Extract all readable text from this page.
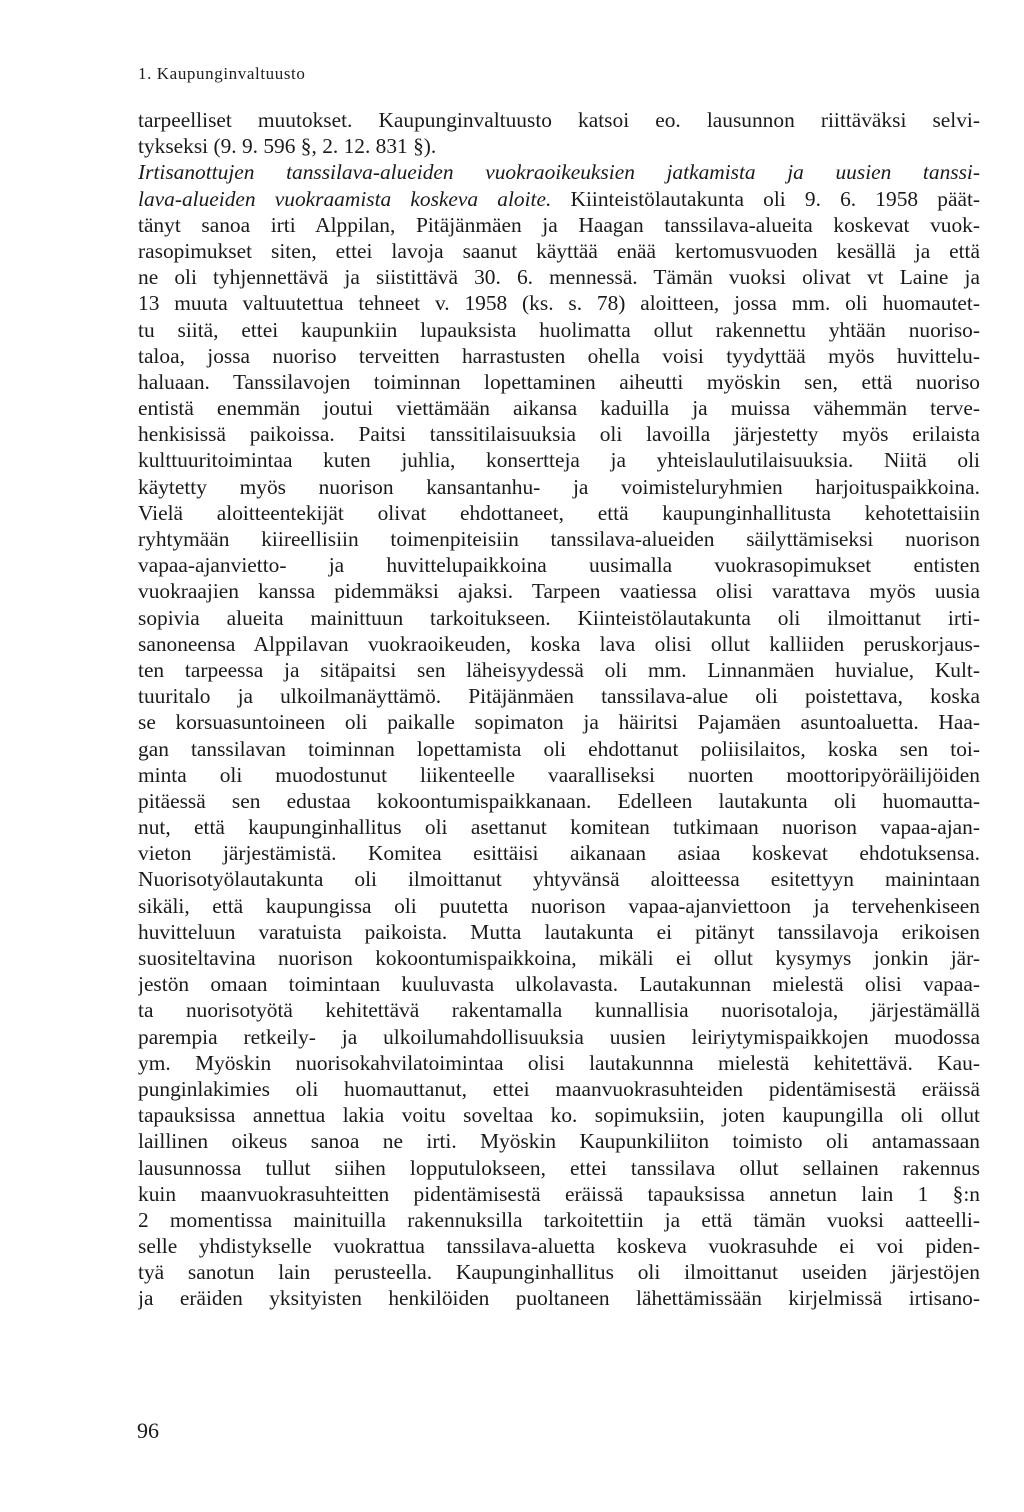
1. Kaupunginvaltuusto
tarpeelliset muutokset. Kaupunginvaltuusto katsoi eo. lausunnon riittäväksi selvi-
tykseksi (9. 9. 596 §, 2. 12. 831 §).
Irtisanottujen tanssilava-alueiden vuokraoikeuksien jatkamista ja uusien tanssi-
lava-alueiden vuokraamista koskeva aloite. Kiinteistölautakunta oli 9. 6. 1958 päät-
tänyt sanoa irti Alppilan, Pitäjänmäen ja Haagan tanssilava-alueita koskevat vuok-
rasopimukset siten, ettei lavoja saanut käyttää enää kertomusvuoden kesällä ja että
ne oli tyhjennettävä ja siistittävä 30. 6. mennessä. Tämän vuoksi olivat vt Laine ja
13 muuta valtuutettua tehneet v. 1958 (ks. s. 78) aloitteen, jossa mm. oli huomautet-
tu siitä, ettei kaupunkiin lupauksista huolimatta ollut rakennettu yhtään nuoriso-
taloa, jossa nuoriso terveitten harrastusten ohella voisi tyydyttää myös huvittelu-
haluaan. Tanssilavojen toiminnan lopettaminen aiheutti myöskin sen, että nuoriso
entistä enemmän joutui viettämään aikansa kaduilla ja muissa vähemmän terve-
henkisissä paikoissa. Paitsi tanssitilaisuuksia oli lavoilla järjestetty myös erilaista
kulttuuritoimintaa kuten juhlia, konsertteja ja yhteislaulutilaisuuksia. Niitä oli
käytetty myös nuorison kansantanhu- ja voimisteluryhmien harjoituspaikkoina.
Vielä aloitteentekijät olivat ehdottaneet, että kaupunginhallitusta kehotettaisiin
ryhtymään kiireellisiin toimenpiteisiin tanssilava-alueiden säilyttämiseksi nuorison
vapaa-ajanvietto- ja huvittelupaikkoina uusimalla vuokrasopimukset entisten
vuokraajien kanssa pidemmäksi ajaksi. Tarpeen vaatiessa olisi varattava myös uusia
sopivia alueita mainittuun tarkoitukseen. Kiinteistölautakunta oli ilmoittanut irti-
sanoneensa Alppilavan vuokraoikeuden, koska lava olisi ollut kalliiden peruskorjaus-
ten tarpeessa ja sitäpaitsi sen läheisyydessä oli mm. Linnanmäen huvialue, Kult-
tuuritalo ja ulkoilmanäyttämö. Pitäjänmäen tanssilava-alue oli poistettava, koska
se korsuasuntoineen oli paikalle sopimaton ja häiritsi Pajamäen asuntoaluetta. Haa-
gan tanssilavan toiminnan lopettamista oli ehdottanut poliisilaitos, koska sen toi-
minta oli muodostunut liikenteelle vaaralliseksi nuorten moottoripyöräilijöiden
pitäessä sen edustaa kokoontumispaikkanaan. Edelleen lautakunta oli huomautta-
nut, että kaupunginhallitus oli asettanut komitean tutkimaan nuorison vapaa-ajan-
vieton järjestämistä. Komitea esittäisi aikanaan asiaa koskevat ehdotuksensa.
Nuorisotyölautakunta oli ilmoittanut yhtyvänsä aloitteessa esitettyyn mainintaan
sikäli, että kaupungissa oli puutetta nuorison vapaa-ajanviettoon ja tervehenkiseen
huvitteluun varatuista paikoista. Mutta lautakunta ei pitänyt tanssilavoja erikoisen
suositeltavina nuorison kokoontumispaikkoina, mikäli ei ollut kysymys jonkin jär-
jestön omaan toimintaan kuuluvasta ulkolavasta. Lautakunnan mielestä olisi vapaa-
ta nuorisotyötä kehitettävä rakentamalla kunnallisia nuorisotaloja, järjestämällä
parempia retkeily- ja ulkoilumahdollisuuksia uusien leiriytymispaikkojen muodossa
ym. Myöskin nuorisokahvilatoimintaa olisi lautakunnna mielestä kehitettävä. Kau-
punginlakimies oli huomauttanut, ettei maanvuokrasuhteiden pidentämisestä eräissä
tapauksissa annettua lakia voitu soveltaa ko. sopimuksiin, joten kaupungilla oli ollut
laillinen oikeus sanoa ne irti. Myöskin Kaupunkiliiton toimisto oli antamassaan
lausunnossa tullut siihen lopputulokseen, ettei tanssilava ollut sellainen rakennus
kuin maanvuokrasuhteitten pidentämisestä eräissä tapauksissa annetun lain 1 §:n
2 momentissa mainituilla rakennuksilla tarkoitettiin ja että tämän vuoksi aatteelli-
selle yhdistykselle vuokrattua tanssilava-aluetta koskeva vuokrasuhde ei voi piden-
tyä sanotun lain perusteella. Kaupunginhallitus oli ilmoittanut useiden järjestöjen
ja eräiden yksityisten henkilöiden puoltaneen lähettämissään kirjelmissä irtisano-
96
